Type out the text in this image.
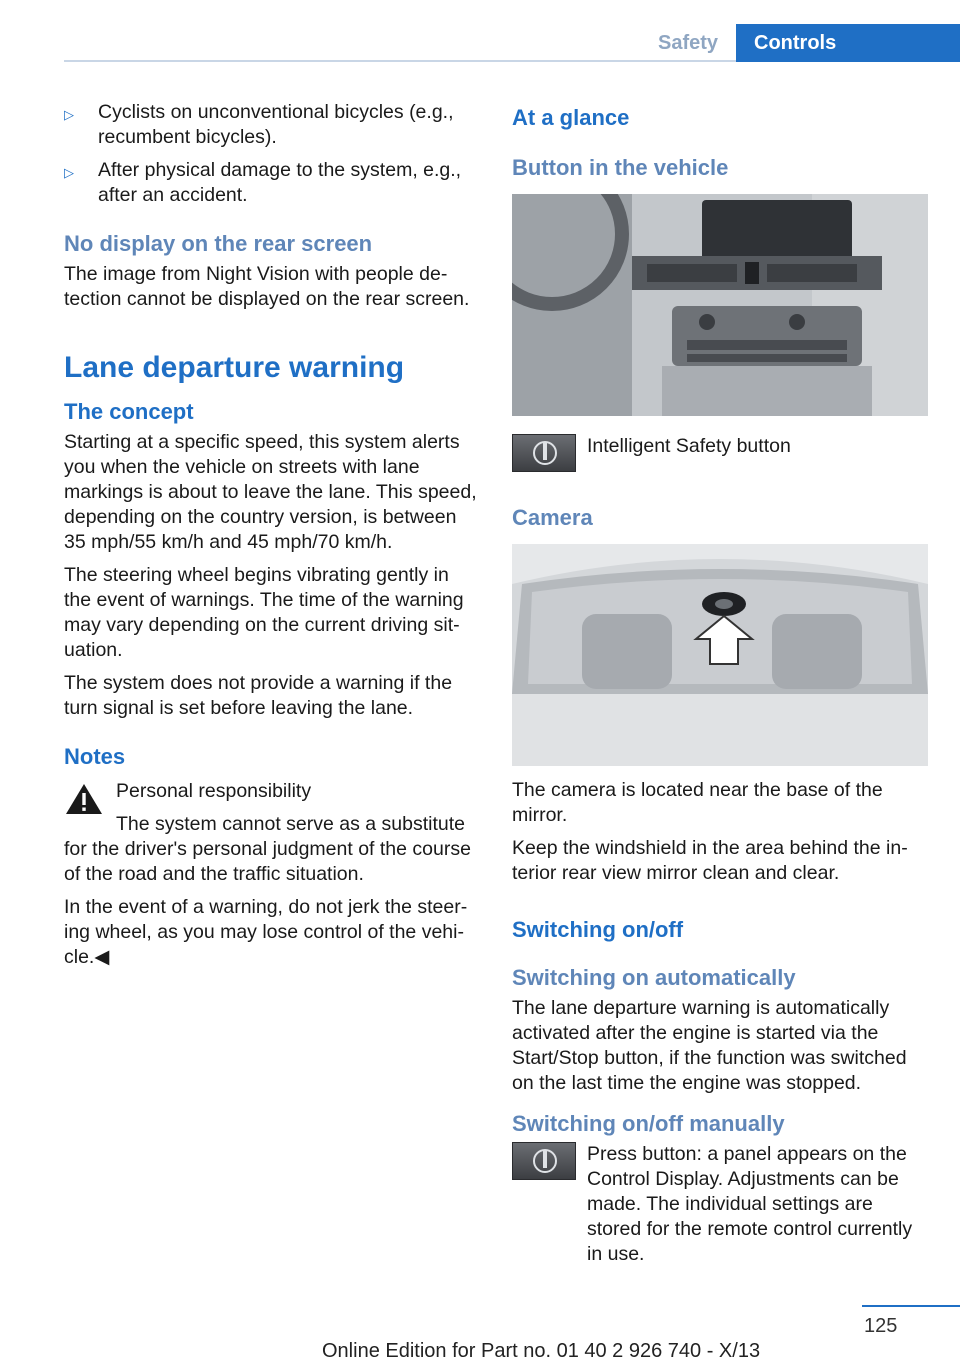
Safety	Controls
▷	Cyclists on unconventional bicycles (e.g., recumbent bicycles).
▷	After physical damage to the system, e.g., after an accident.
No display on the rear screen

The image from Night Vision with people detection cannot be displayed on the rear screen.

Lane departure warning
The concept

Starting at a specific speed, this system alerts you when the vehicle on streets with lane markings is about to leave the lane. This speed, depending on the country version, is between 35 mph/55 km/h and 45 mph/70 km/h.

The steering wheel begins vibrating gently in the event of warnings. The time of the warning may vary depending on the current driving situation.

The system does not provide a warning if the turn signal is set before leaving the lane.

Notes

Personal responsibility

The system cannot serve as a substitute for the driver's personal judgment of the course of the road and the traffic situation.

In the event of a warning, do not jerk the steering wheel, as you may lose control of the vehicle.◀

At a glance
Button in the vehicle

Intelligent Safety button

Camera

The camera is located near the base of the mirror.

Keep the windshield in the area behind the interior rear view mirror clean and clear.

Switching on/off
Switching on automatically

The lane departure warning is automatically activated after the engine is started via the Start/Stop button, if the function was switched on the last time the engine was stopped.

Switching on/off manually

Press button: a panel appears on the Control Display. Adjustments can be made. The individual settings are stored for the remote control currently in use.

125
Online Edition for Part no. 01 40 2 926 740 - X/13
